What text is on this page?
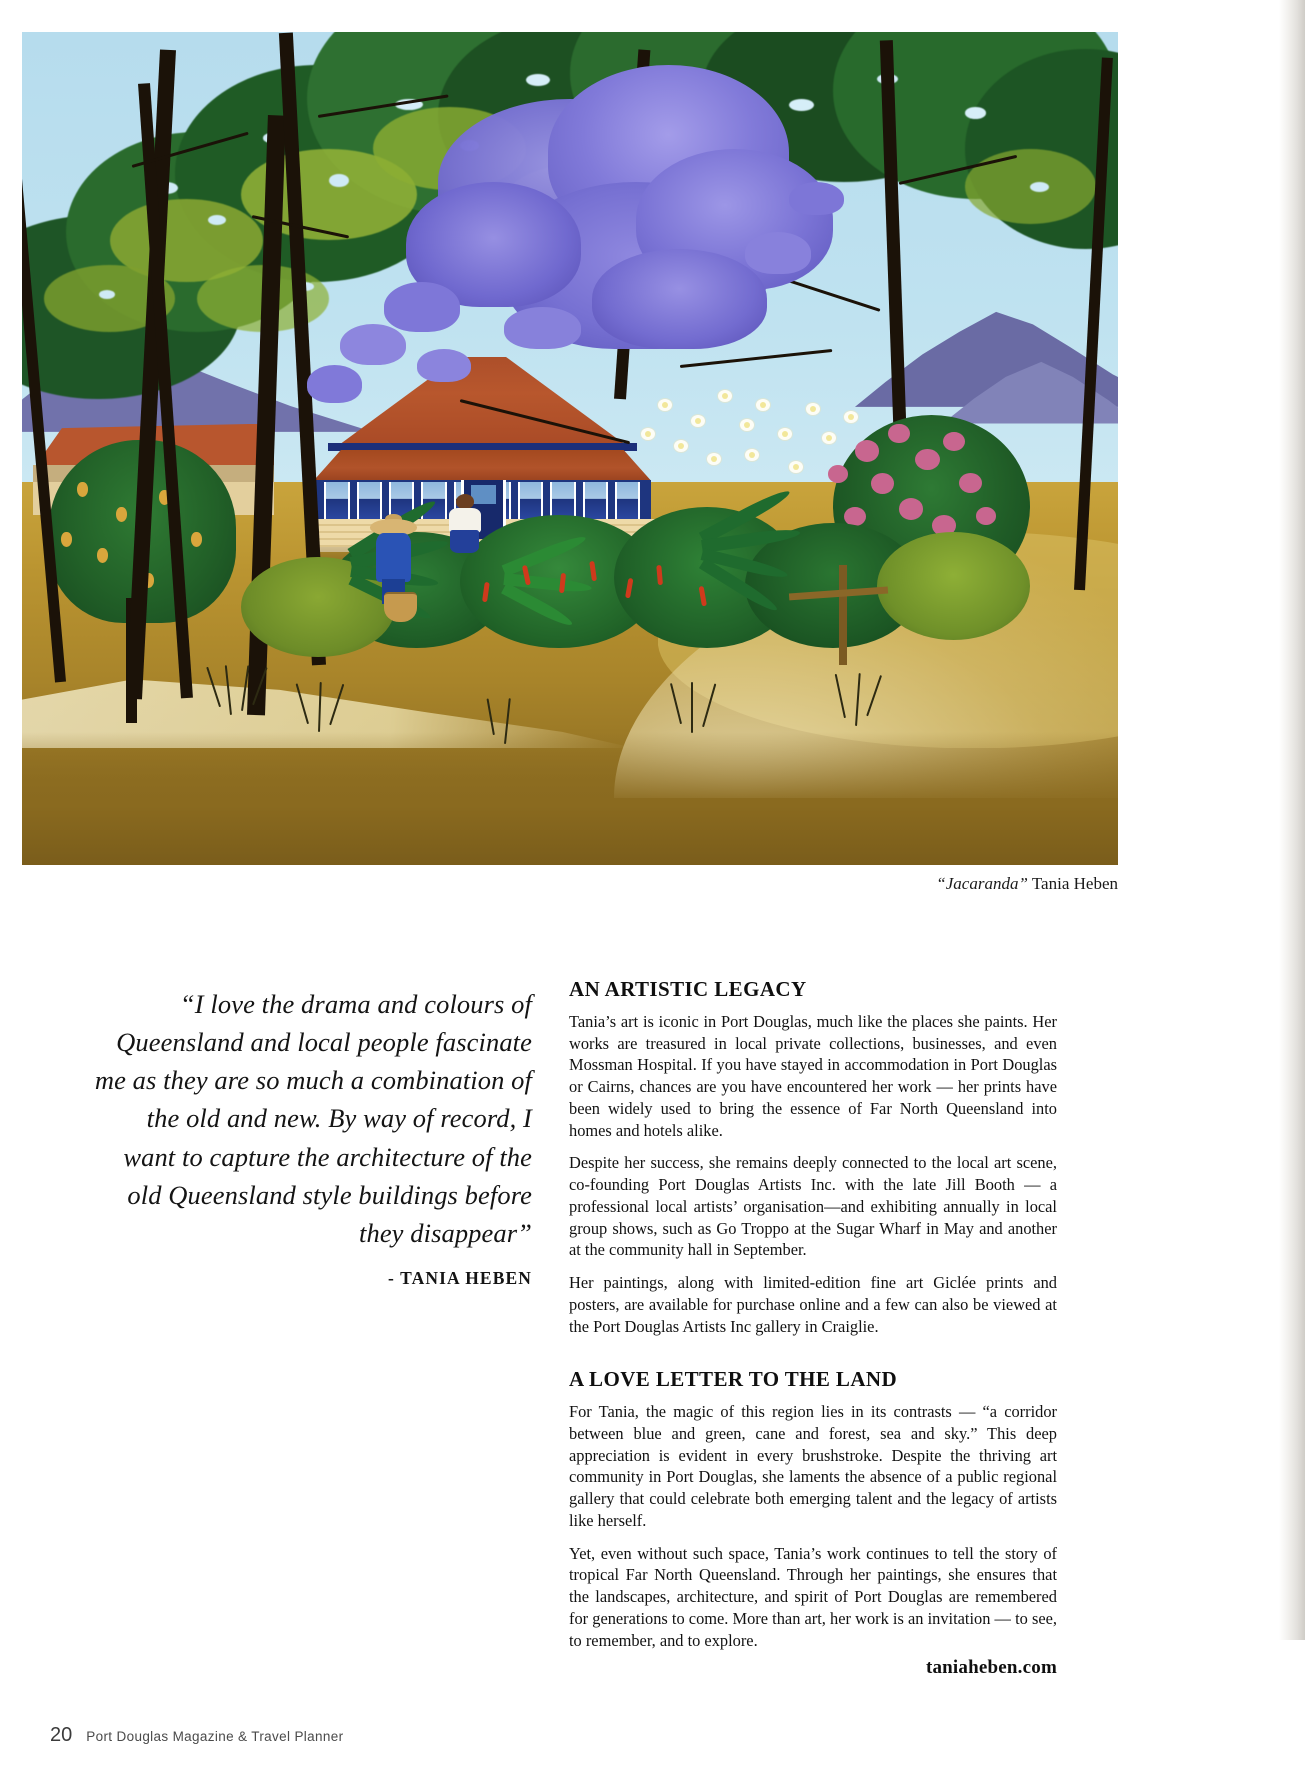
“Jacaranda” Tania Heben

“I love the drama and colours of Queensland and local people fascinate me as they are so much a combination of the old and new. By way of record, I want to capture the architecture of the old Queensland style buildings before they disappear”

- TANIA HEBEN
AN ARTISTIC LEGACY

Tania’s art is iconic in Port Douglas, much like the places she paints. Her works are treasured in local private collections, businesses, and even Mossman Hospital. If you have stayed in accommodation in Port Douglas or Cairns, chances are you have encountered her work — her prints have been widely used to bring the essence of Far North Queensland into homes and hotels alike.

Despite her success, she remains deeply connected to the local art scene, co-founding Port Douglas Artists Inc. with the late Jill Booth — a professional local artists’ organisation—and exhibiting annually in local group shows, such as Go Troppo at the Sugar Wharf in May and another at the community hall in September.

Her paintings, along with limited-edition fine art Giclée prints and posters, are available for purchase online and a few can also be viewed at the Port Douglas Artists Inc gallery in Craiglie.

A LOVE LETTER TO THE LAND

For Tania, the magic of this region lies in its contrasts — “a corridor between blue and green, cane and forest, sea and sky.” This deep appreciation is evident in every brushstroke. Despite the thriving art community in Port Douglas, she laments the absence of a public regional gallery that could celebrate both emerging talent and the legacy of artists like herself.

Yet, even without such space, Tania’s work continues to tell the story of tropical Far North Queensland. Through her paintings, she ensures that the landscapes, architecture, and spirit of Port Douglas are remembered for generations to come. More than art, her work is an invitation — to see, to remember, and to explore.

taniaheben.com
20 Port Douglas Magazine & Travel Planner
